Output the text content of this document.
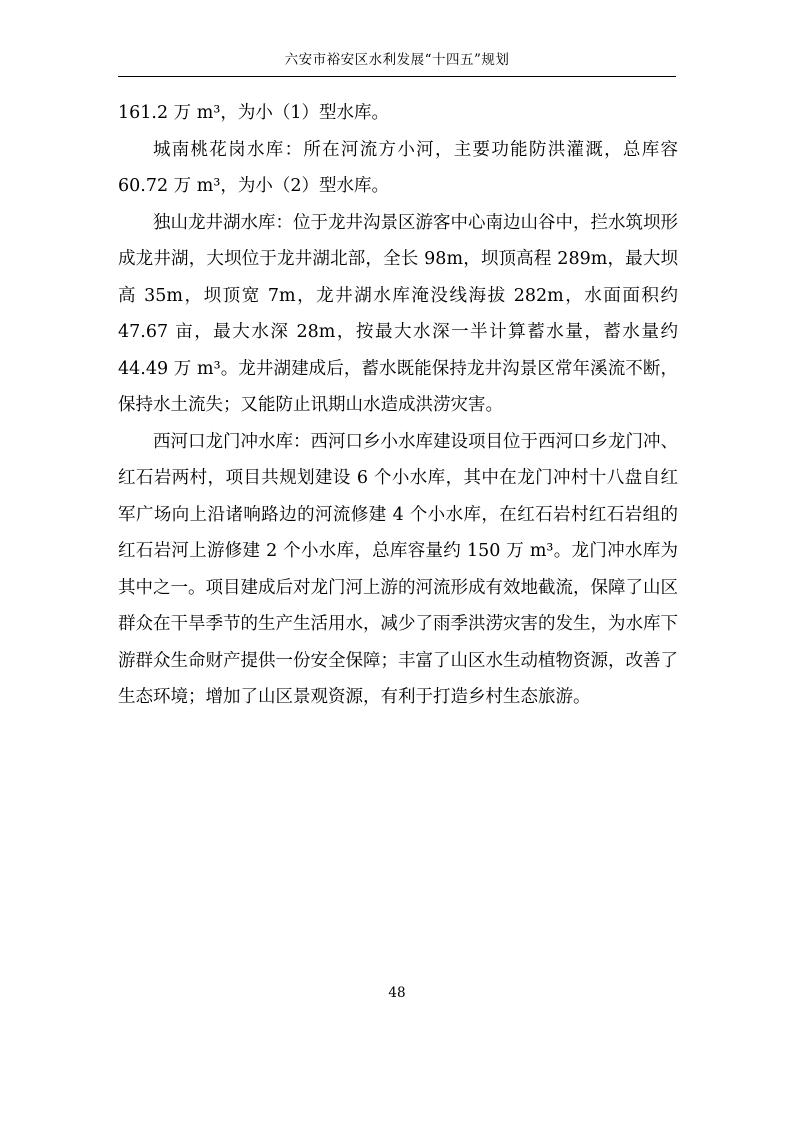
六安市裕安区水利发展“十四五”规划

161.2 万 m³，为小（1）型水库。

城南桃花岗水库：所在河流方小河，主要功能防洪灌溉，总库容 60.72 万 m³，为小（2）型水库。

独山龙井湖水库：位于龙井沟景区游客中心南边山谷中，拦水筑坝形成龙井湖，大坝位于龙井湖北部，全长 98m，坝顶高程 289m，最大坝高 35m，坝顶宽 7m，龙井湖水库淹没线海拔 282m，水面面积约 47.67 亩，最大水深 28m，按最大水深一半计算蓄水量，蓄水量约 44.49 万 m³。龙井湖建成后，蓄水既能保持龙井沟景区常年溪流不断，保持水土流失；又能防止讯期山水造成洪涝灾害。

西河口龙门冲水库：西河口乡小水库建设项目位于西河口乡龙门冲、红石岩两村，项目共规划建设 6 个小水库，其中在龙门冲村十八盘自红军广场向上沿诸响路边的河流修建 4 个小水库，在红石岩村红石岩组的红石岩河上游修建 2 个小水库，总库容量约 150 万 m³。龙门冲水库为其中之一。项目建成后对龙门河上游的河流形成有效地截流，保障了山区群众在干旱季节的生产生活用水，减少了雨季洪涝灾害的发生，为水库下游群众生命财产提供一份安全保障；丰富了山区水生动植物资源，改善了生态环境；增加了山区景观资源，有利于打造乡村生态旅游。

48
